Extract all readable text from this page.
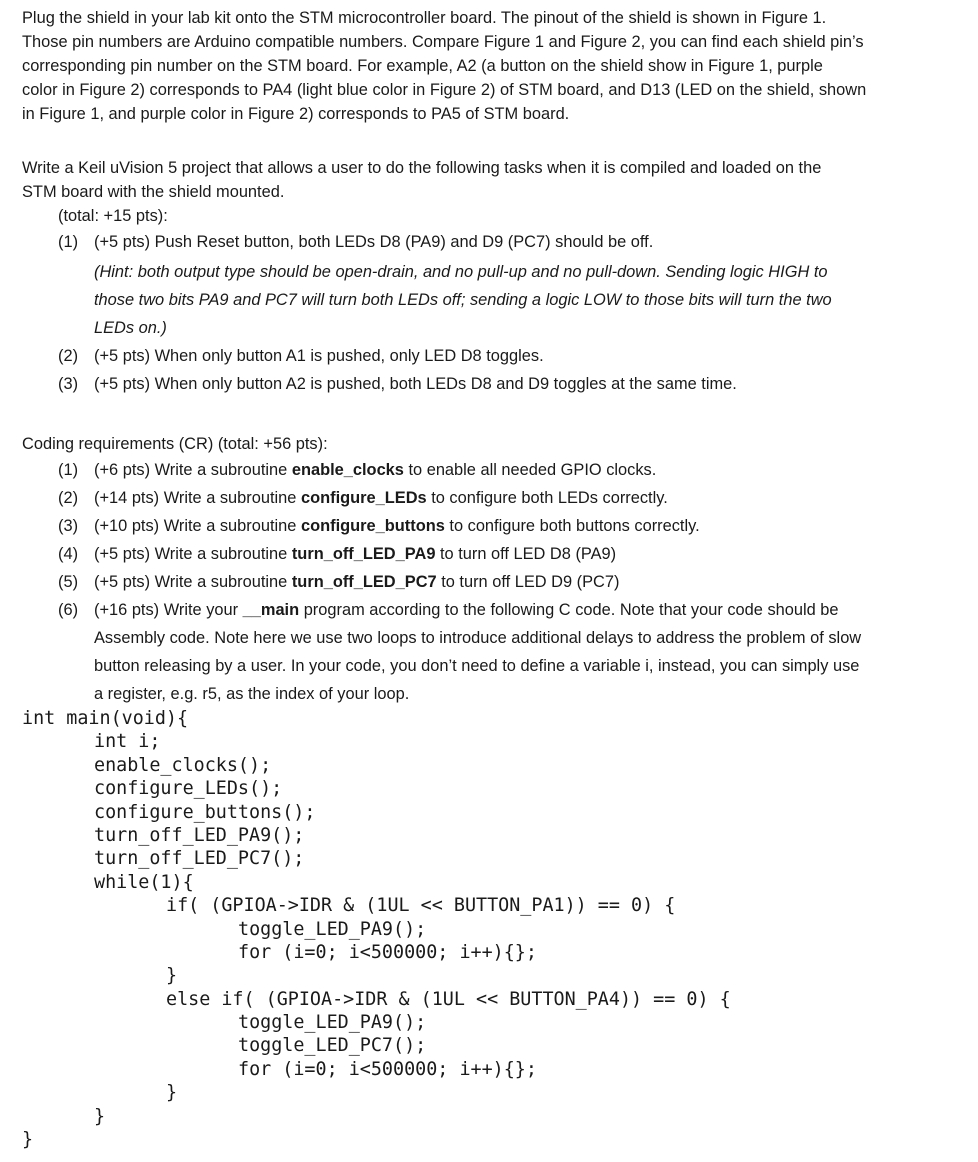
Plug the shield in your lab kit onto the STM microcontroller board. The pinout of the shield is shown in Figure 1.

Those pin numbers are Arduino compatible numbers. Compare Figure 1 and Figure 2, you can find each shield pin’s

corresponding pin number on the STM board. For example, A2 (a button on the shield show in Figure 1, purple

color in Figure 2) corresponds to PA4 (light blue color in Figure 2) of STM board, and D13 (LED on the shield, shown

in Figure 1, and purple color in Figure 2) corresponds to PA5 of STM board.

Write a Keil uVision 5 project that allows a user to do the following tasks when it is compiled and loaded on the

STM board with the shield mounted.

(total: +15 pts):
(1) (+5 pts) Push Reset button, both LEDs D8 (PA9) and D9 (PC7) should be off.

(Hint: both output type should be open-drain, and no pull-up and no pull-down. Sending logic HIGH to

those two bits PA9 and PC7 will turn both LEDs off; sending a logic LOW to those bits will turn the two

LEDs on.)

(2) (+5 pts) When only button A1 is pushed, only LED D8 toggles.

(3) (+5 pts) When only button A2 is pushed, both LEDs D8 and D9 toggles at the same time.

Coding requirements (CR) (total: +56 pts):

(1) (+6 pts) Write a subroutine enable_clocks to enable all needed GPIO clocks.

(2) (+14 pts) Write a subroutine configure_LEDs to configure both LEDs correctly.

(3) (+10 pts) Write a subroutine configure_buttons to configure both buttons correctly.

(4) (+5 pts) Write a subroutine turn_off_LED_PA9 to turn off LED D8 (PA9)

(5) (+5 pts) Write a subroutine turn_off_LED_PC7 to turn off LED D9 (PC7)

(6) (+16 pts) Write your __main program according to the following C code. Note that your code should be

Assembly code. Note here we use two loops to introduce additional delays to address the problem of slow

button releasing by a user. In your code, you don’t need to define a variable i, instead, you can simply use

a register, e.g. r5, as the index of your loop.

int main(void){
int i;
enable_clocks();
configure_LEDs();
configure_buttons();
turn_off_LED_PA9();
turn_off_LED_PC7();
while(1){
if( (GPIOA->IDR & (1UL << BUTTON_PA1)) == 0) {
toggle_LED_PA9();
for (i=0; i<500000; i++){};
}
else if( (GPIOA->IDR & (1UL << BUTTON_PA4)) == 0) {
toggle_LED_PA9();
toggle_LED_PC7();
for (i=0; i<500000; i++){};
}
}
}
